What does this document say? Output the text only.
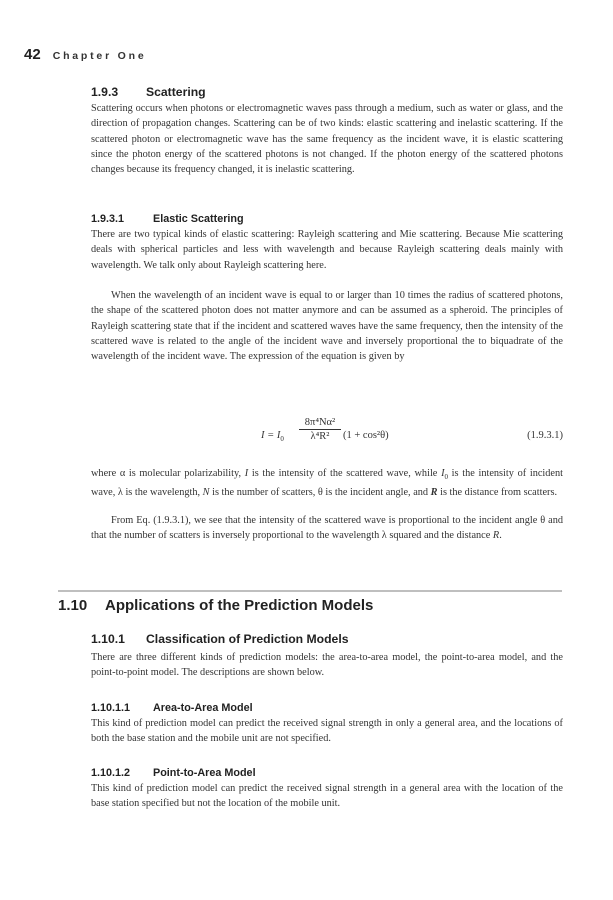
42 Chapter One
1.9.3 Scattering

Scattering occurs when photons or electromagnetic waves pass through a medium, such as water or glass, and the direction of propagation changes. Scattering can be of two kinds: elastic scattering and inelastic scattering. If the scattered photon or electromagnetic wave has the same frequency as the incident wave, it is elastic scattering since the photon energy of the scattered photons is not changed. If the photon energy of the scattered photons changes because its frequency changed, it is inelastic scattering.

1.9.3.1	Elastic Scattering

There are two typical kinds of elastic scattering: Rayleigh scattering and Mie scattering. Because Mie scattering deals with spherical particles and less with wavelength and because Rayleigh scattering deals mainly with wavelength. We talk only about Rayleigh scattering here.

When the wavelength of an incident wave is equal to or larger than 10 times the radius of scattered photons, the shape of the scattered photon does not matter anymore and can be assumed as a spheroid. The principles of Rayleigh scattering state that if the incident and scattered waves have the same frequency, then the intensity of the scattered wave is related to the angle of the incident wave and inversely proportional the to biquadrate of the wavelength of the incident wave. The expression of the equation is given by

$I = I_0 \frac{\text{8π⁴Nα²}}{\text{λ⁴R²}} (1 + \cos^2\theta)$	(1.9.3.1)

where α is molecular polarizability, I is the intensity of the scattered wave, while $I_0$ is the intensity of incident wave, λ is the wavelength, N is the number of scatters, θ is the incident angle, and R is the distance from scatters.

From Eq. (1.9.3.1), we see that the intensity of the scattered wave is proportional to the incident angle θ and that the number of scatters is inversely proportional to the wavelength λ squared and the distance R.

1.10 Applications of the Prediction Models
1.10.1 Classification of Prediction Models

There are three different kinds of prediction models: the area-to-area model, the point-to-area model, and the point-to-point model. The descriptions are shown below.

1.10.1.1 Area-to-Area Model

This kind of prediction model can predict the received signal strength in only a general area, and the locations of both the base station and the mobile unit are not specified.

1.10.1.2 Point-to-Area Model

This kind of prediction model can predict the received signal strength in a general area with the location of the base station specified but not the location of the mobile unit.
